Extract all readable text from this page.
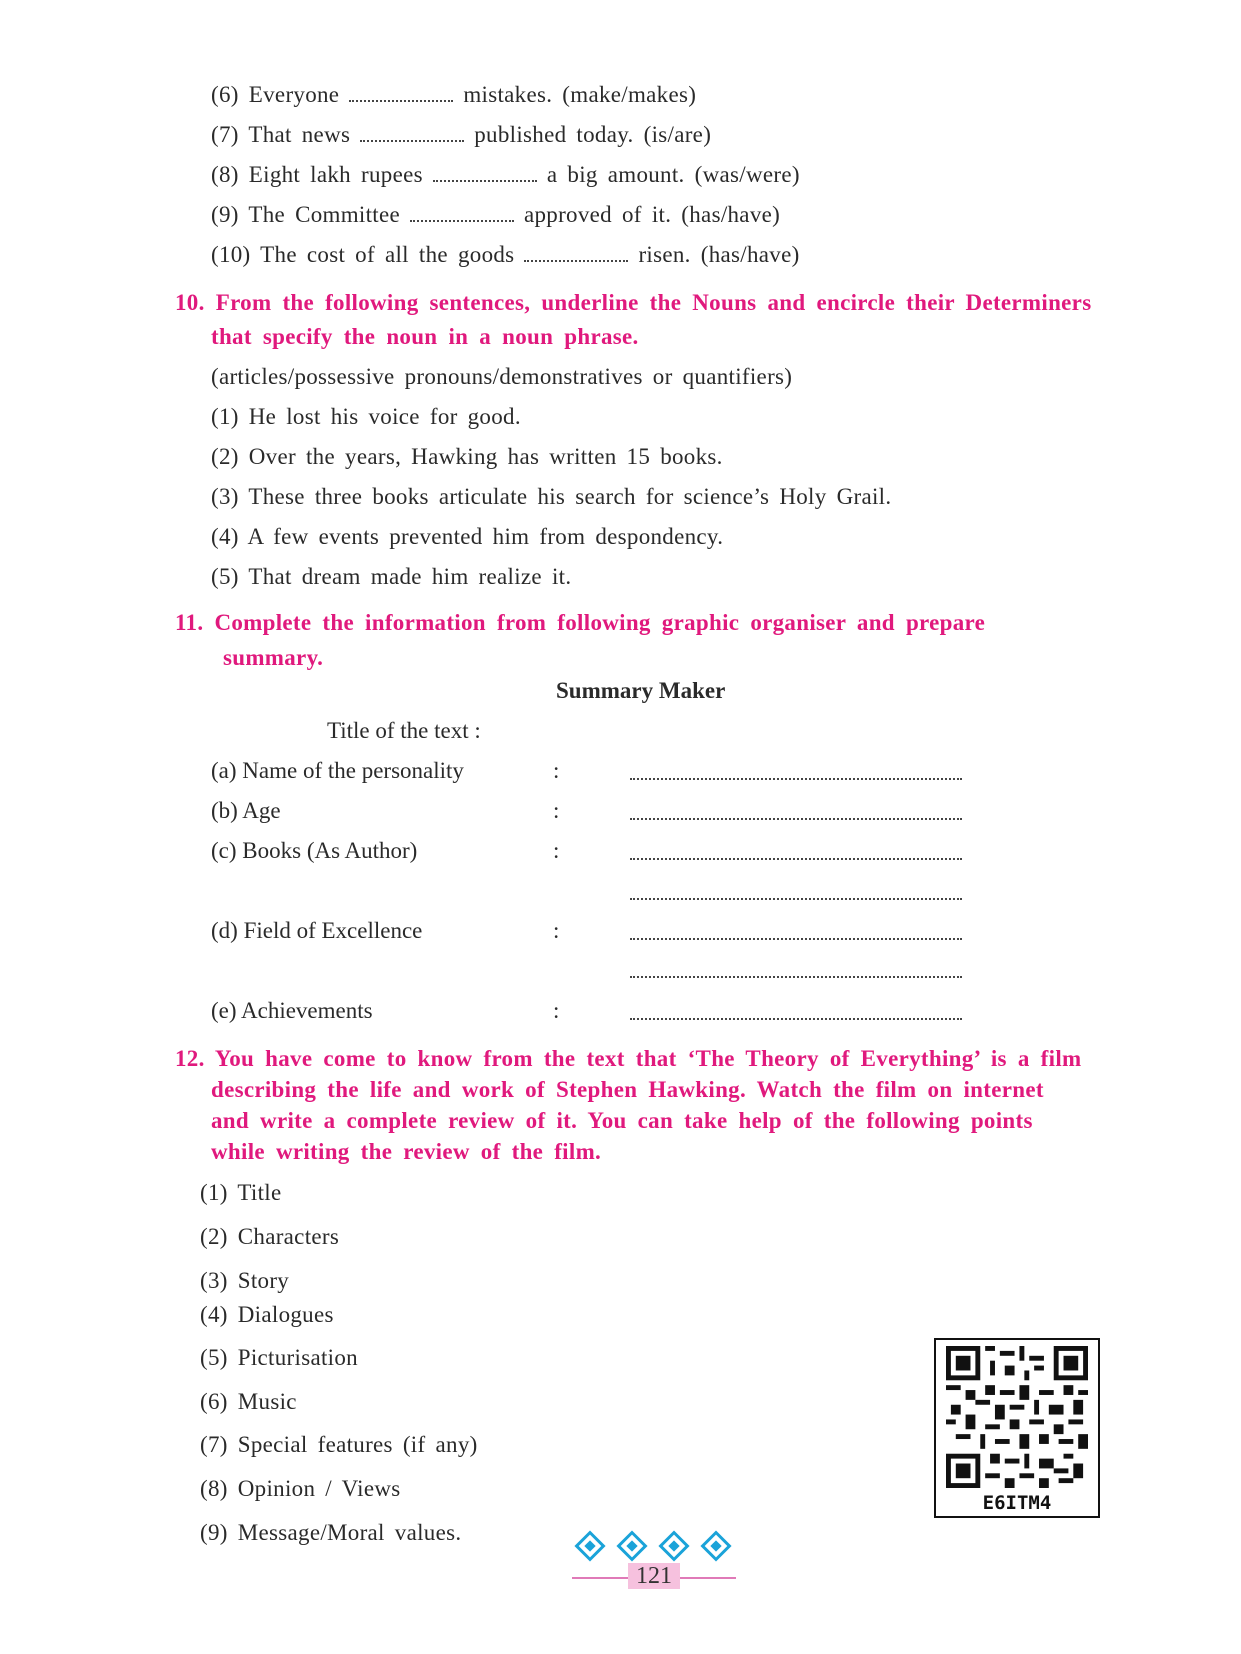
(6) Everyone	mistakes. (make/makes)
(7) That news	published today. (is/are)
(8) Eight lakh rupees	a big amount. (was/were)
(9) The Committee	approved of it. (has/have)
(10) The cost of all the goods	risen. (has/have)
10. From the following sentences, underline the Nouns and encircle their Determiners
that specify the noun in a noun phrase.
(articles/possessive pronouns/demonstratives or quantifiers)
(1) He lost his voice for good.
(2) Over the years, Hawking has written 15 books.
(3) These three books articulate his search for science’s Holy Grail.
(4) A few events prevented him from despondency.
(5) That dream made him realize it.
11. Complete the information from following graphic organiser and prepare
summary.
Summary Maker
Title of the text :
(a) Name of the personality	:
(b) Age	:
(c) Books (As Author)	:
(d) Field of Excellence	:
(e) Achievements	:
12. You have come to know from the text that ‘The Theory of Everything’ is a film
describing the life and work of Stephen Hawking. Watch the film on internet
and write a complete review of it. You can take help of the following points
while writing the review of the film.
(1) Title
(2) Characters
(3) Story
(4) Dialogues
(5) Picturisation
(6) Music
(7) Special features (if any)
(8) Opinion / Views
(9) Message/Moral values.
E6ITM4
121
